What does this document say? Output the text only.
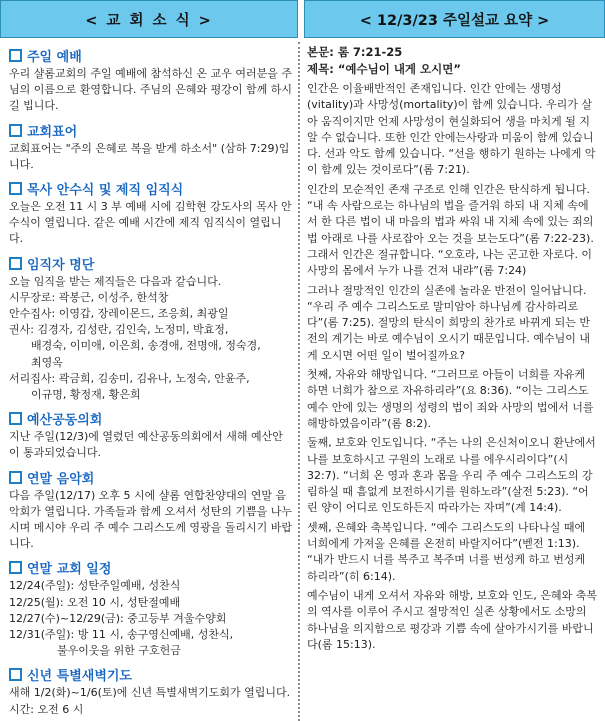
< 교 회 소 식 >	< 12/3/23 주일설교 요약 >
주일 예배
우리 샬롬교회의 주일 예배에 참석하신 온 교우 여러분을 주님의 이름으로 환영합니다. 주님의 은혜와 평강이 함께 하시길 빕니다.
교회표어
교회표어는 "주의 은혜로 복을 받게 하소서" (삼하 7:29)입니다.
목사 안수식 및 제직 임직식
오늘은 오전 11 시 3 부 예배 시에 김학현 강도사의 목사 안수식이 열립니다. 같은 예배 시간에 제직 임직식이 열립니다.
임직자 명단
오늘 임직을 받는 제직들은 다음과 같습니다.
시무장로: 곽봉근, 이성주, 한석창
안수집사: 이영갑, 장레이몬드, 조응희, 최광일
권사: 김경자, 김성란, 김인숙, 노정미, 박효정,
배경숙, 이미애, 이은희, 송경애, 전명애, 정숙경,
최영옥
서리집사: 곽금희, 김송미, 김유나, 노정숙, 안윤주,
이규명, 황정재, 황은희
예산공동의회
지난 주일(12/3)에 열렸던 예산공동의회에서 새해 예산안이 통과되었습니다.
연말 음악회
다음 주일(12/17) 오후 5 시에 샬롬 연합찬양대의 연말 음악회가 열립니다. 가족들과 함께 오셔서 성탄의 기쁨을 나누시며 메시야 우리 주 예수 그리스도께 영광을 돌리시기 바랍니다.
연말 교회 일정
12/24(주일): 성탄주일예배, 성찬식
12/25(월): 오전 10 시, 성탄절예배
12/27(수)~12/29(금): 중고등부 겨울수양회
12/31(주일): 방 11 시, 송구영신예배, 성찬식,
불우이웃을 위한 구호헌금
신년 특별새벽기도
새해 1/2(화)~1/6(토)에 신년 특별새벽기도회가 열립니다. 시간: 오전 6 시
본문: 롬 7:21-25
제목: “예수님이 내게 오시면”
인간은 이율배반적인 존재입니다. 인간 안에는 생명성(vitality)과 사망성(mortality)이 함께 있습니다. 우리가 살아 움직이지만 언제 사망성이 현실화되어 생을 마치게 될 지 알 수 없습니다. 또한 인간 안에는사랑과 미움이 함께 있습니다. 선과 악도 함께 있습니다. “선을 행하기 원하는 나에게 악이 함께 있는 것이로다”(롬 7:21).
인간의 모순적인 존재 구조로 인해 인간은 탄식하게 됩니다. “내 속 사람으로는 하나님의 법을 즐거워 하되 내 지체 속에서 한 다른 법이 내 마음의 법과 싸워 내 지체 속에 있는 죄의 법 아래로 나를 사로잡아 오는 것을 보는도다”(롬 7:22-23). 그래서 인간은 절규합니다. “오호라, 나는 곤고한 자로다. 이 사망의 몸에서 누가 나를 건져 내랴”(롬 7:24)
그러나 절망적인 인간의 실존에 놀라운 반전이 일어납니다. “우리 주 예수 그리스도로 말미암아 하나님께 감사하리로다”(롬 7:25). 절망의 탄식이 희망의 찬가로 바뀌게 되는 반전의 계기는 바로 예수님이 오시기 때문입니다. 예수님이 내게 오시면 어떤 일이 벌어질까요?
첫째, 자유와 해방입니다. “그러므로 아들이 너희를 자유케 하면 너희가 참으로 자유하리라”(요 8:36). “이는 그리스도 예수 안에 있는 생명의 성령의 법이 죄와 사망의 법에서 너를 해방하였음이라”(롬 8:2).
둘째, 보호와 인도입니다. “주는 나의 은신처이오니 환난에서 나를 보호하시고 구원의 노래로 나를 에우시리이다”(시 32:7). “너희 온 영과 혼과 몸을 우리 주 예수 그리스도의 강림하실 때 흠없게 보전하시기를 원하노라”(살전 5:23). “어린 양이 어디로 인도하든지 따라가는 자며”(계 14:4).
셋째, 은혜와 축복입니다. “예수 그리스도의 나타나실 때에 너희에게 가져올 은혜를 온전히 바랄지어다”(벧전 1:13). “내가 반드시 너를 복주고 복주며 너를 번성케 하고 번성케 하리라”(히 6:14).
예수님이 내게 오셔서 자유와 해방, 보호와 인도, 은혜와 축복의 역사를 이루어 주시고 절망적인 실존 상황에서도 소망의 하나님을 의지함으로 평강과 기쁨 속에 살아가시기를 바랍니다(롬 15:13).
